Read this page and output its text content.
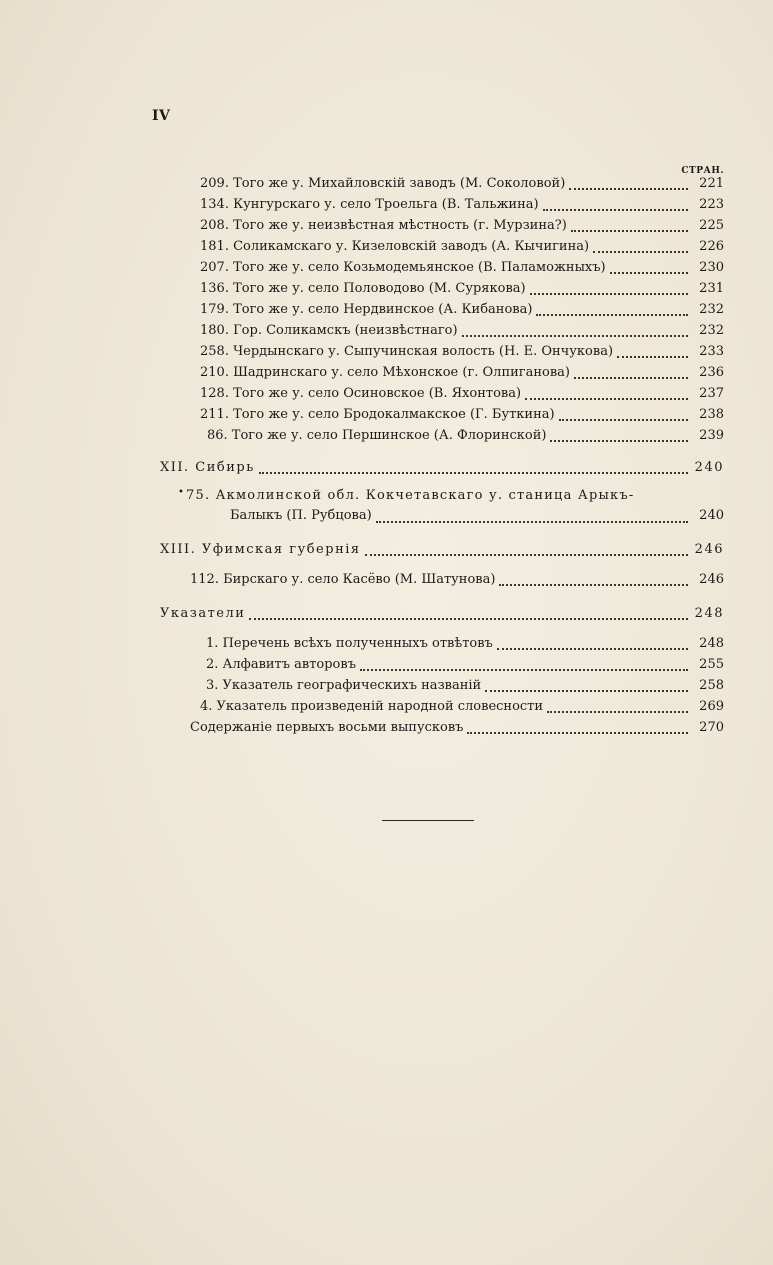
IV
СТРАН.
209. Того же у. Михайловскій заводъ (М. Соколовой)	221
134. Кунгурскаго у. село Троельга (В. Тальжина)	223
208. Того же у. неизвѣстная мѣстность (г. Мурзина?)	225
181. Соликамскаго у. Кизеловскій заводъ (А. Кычигина)	226
207. Того же у. село Козьмодемьянское (В. Паламожныхъ)	230
136. Того же у. село Половодово (М. Сурякова)	231
179. Того же у. село Нердвинское (А. Кибанова)	232
180. Гор. Соликамскъ (неизвѣстнаго)	232
258. Чердынскаго у. Сыпучинская волость (Н. Е. Ончукова)	233
210. Шадринскаго у. село Мѣхонское (г. Олпиганова)	236
128. Того же у. село Осиновское (В. Яхонтова)	237
211. Того же у. село Бродокалмакское (Г. Буткина)	238
86. Того же у. село Першинское (А. Флоринской)	239
XII. Сибирь	240
• 75. Акмолинской обл. Кокчетавскаго у. станица Арыкъ-
Балыкъ (П. Рубцова)	240
XIII. Уфимская губернія	246
112. Бирскаго у. село Касёво (М. Шатунова)	246
Указатели	248
1. Перечень всѣхъ полученныхъ отвѣтовъ	248
2. Алфавитъ авторовъ	255
3. Указатель географическихъ названій	258
4. Указатель произведеній народной словесности	269
Содержаніе первыхъ восьми выпусковъ	270
